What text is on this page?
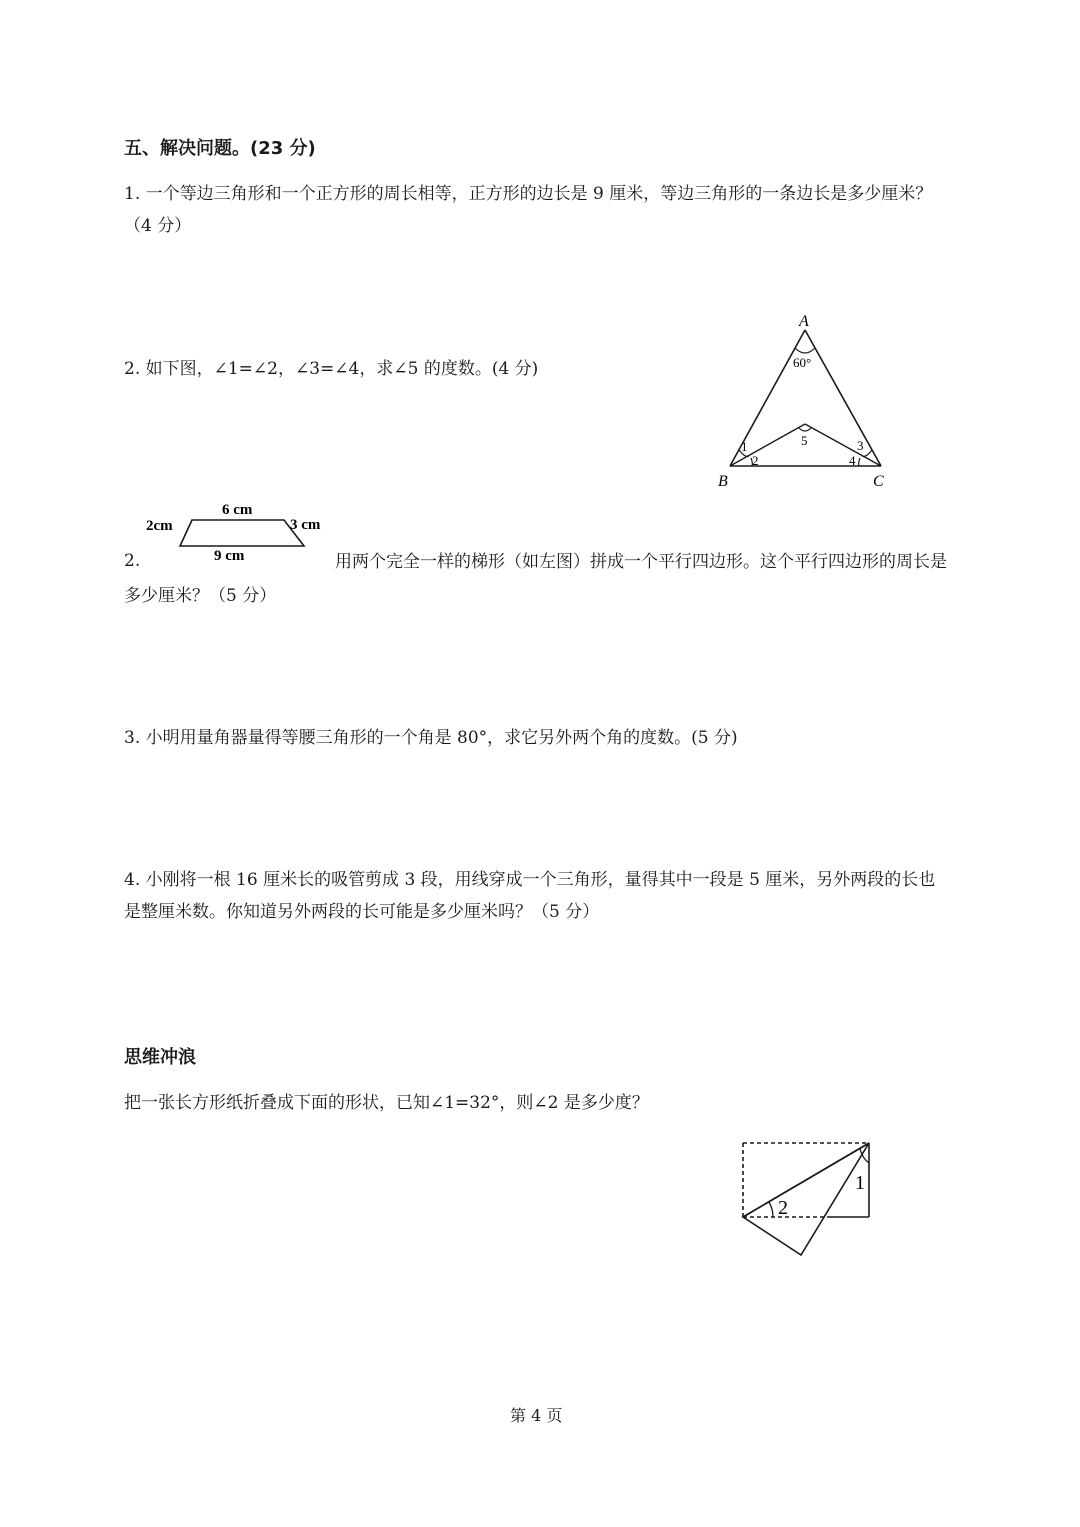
五、解决问题。(23 分)
1. 一个等边三角形和一个正方形的周长相等，正方形的边长是 9 厘米，等边三角形的一条边长是多少厘米？（4 分）
2. 如下图，∠1=∠2，∠3=∠4，求∠5 的度数。(4 分)
A
B	C
60°
1
2
3
4
5
6 cm
2cm	3 cm
9 cm
2.	用两个完全一样的梯形（如左图）拼成一个平行四边形。这个平行四边形的周长是多少厘米？（5 分）
3. 小明用量角器量得等腰三角形的一个角是 80°，求它另外两个角的度数。(5 分)
4. 小刚将一根 16 厘米长的吸管剪成 3 段，用线穿成一个三角形，量得其中一段是 5 厘米，另外两段的长也是整厘米数。你知道另外两段的长可能是多少厘米吗？（5 分）
思维冲浪
把一张长方形纸折叠成下面的形状，已知∠1=32°，则∠2 是多少度？
1
2
第 4 页
